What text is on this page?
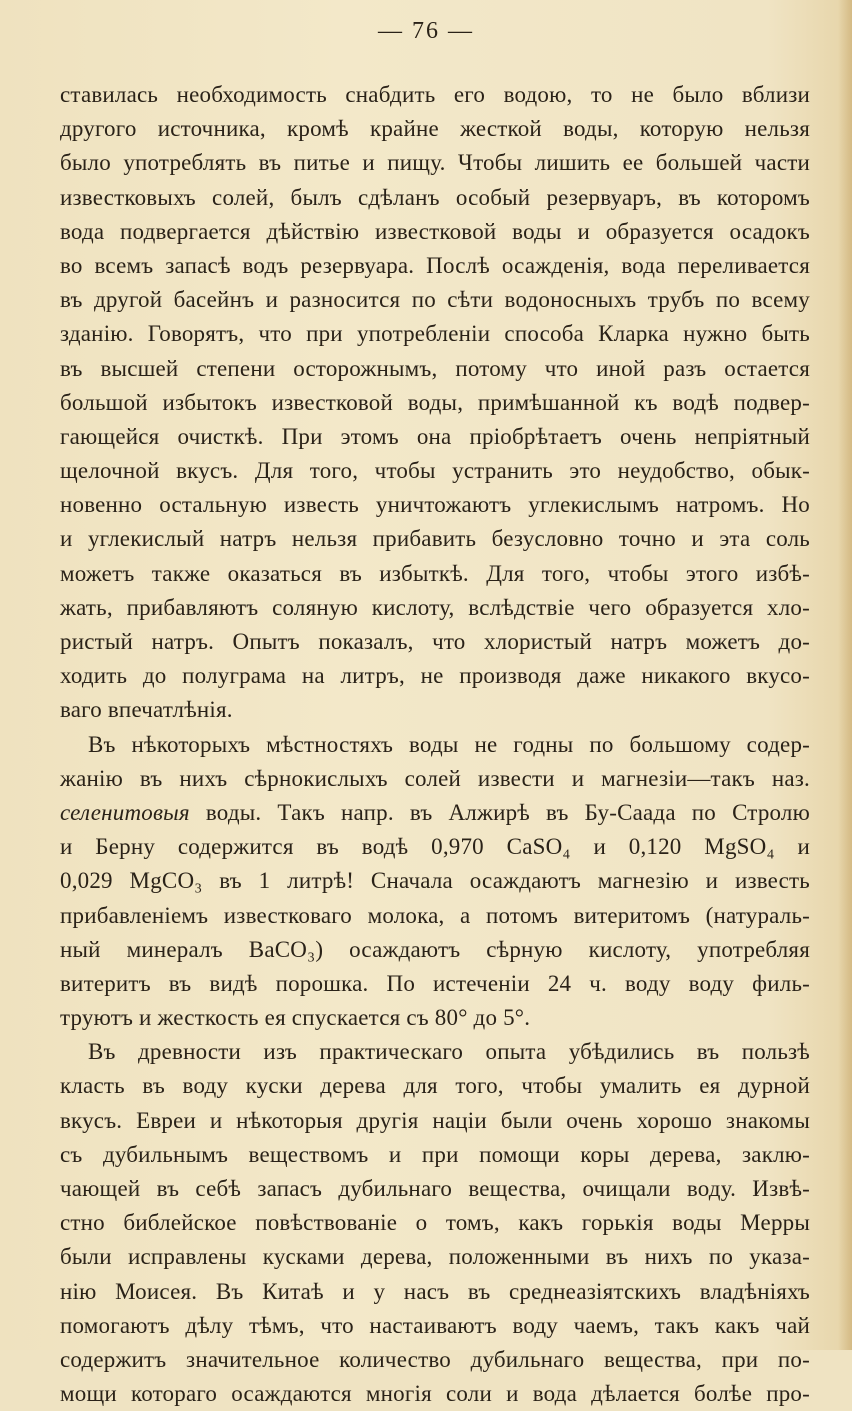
— 76 —
ставилась необходимость снабдить его водою, то не было вблизи
другого источника, кромѣ крайне жесткой воды, которую нельзя
было употреблять въ питье и пищу. Чтобы лишить ее большей части
известковыхъ солей, былъ сдѣланъ особый резервуаръ, въ которомъ
вода подвергается дѣйствію известковой воды и образуется осадокъ
во всемъ запасѣ водъ резервуара. Послѣ осажденія, вода переливается
въ другой басейнъ и разносится по сѣти водоносныхъ трубъ по всему
зданію. Говорятъ, что при употребленіи способа Кларка нужно быть
въ высшей степени осторожнымъ, потому что иной разъ остается
большой избытокъ известковой воды, примѣшанной къ водѣ подвер-
гающейся очисткѣ. При этомъ она пріобрѣтаетъ очень непріятный
щелочной вкусъ. Для того, чтобы устранить это неудобство, обык-
новенно остальную известь уничтожаютъ углекислымъ натромъ. Но
и углекислый натръ нельзя прибавить безусловно точно и эта соль
можетъ также оказаться въ избыткѣ. Для того, чтобы этого избѣ-
жать, прибавляютъ соляную кислоту, вслѣдствіе чего образуется хло-
ристый натръ. Опытъ показалъ, что хлористый натръ можетъ до-
ходить до полуграма на литръ, не производя даже никакого вкусо-
ваго впечатлѣнія.
Въ нѣкоторыхъ мѣстностяхъ воды не годны по большому содер-
жанію въ нихъ сѣрнокислыхъ солей извести и магнезіи—такъ наз.
селенитовыя воды. Такъ напр. въ Алжирѣ въ Бу-Саада по Стролю
и Берну содержится въ водѣ 0,970 CaSO₄ и 0,120 MgSO₄ и
0,029 MgCO₃ въ 1 литрѣ! Сначала осаждаютъ магнезію и известь
прибавленіемъ известковаго молока, а потомъ витеритомъ (натураль-
ный минералъ BaCO₃) осаждаютъ сѣрную кислоту, употребляя
витеритъ въ видѣ порошка. По истеченіи 24 ч. воду воду филь-
труютъ и жесткость ея спускается съ 80° до 5°.
Въ древности изъ практическаго опыта убѣдились въ пользѣ
класть въ воду куски дерева для того, чтобы умалить ея дурной
вкусъ. Евреи и нѣкоторыя другія націи были очень хорошо знакомы
съ дубильнымъ веществомъ и при помощи коры дерева, заклю-
чающей въ себѣ запасъ дубильнаго вещества, очищали воду. Извѣ-
стно библейское повѣствованіе о томъ, какъ горькія воды Мерры
были исправлены кусками дерева, положенными въ нихъ по указа-
нію Моисея. Въ Китаѣ и у насъ въ среднеазіятскихъ владѣніяхъ
помогаютъ дѣлу тѣмъ, что настаиваютъ воду чаемъ, такъ какъ чай
содержитъ значительное количество дубильнаго вещества, при по-
мощи котораго осаждаются многія соли и вода дѣлается болѣе про-
